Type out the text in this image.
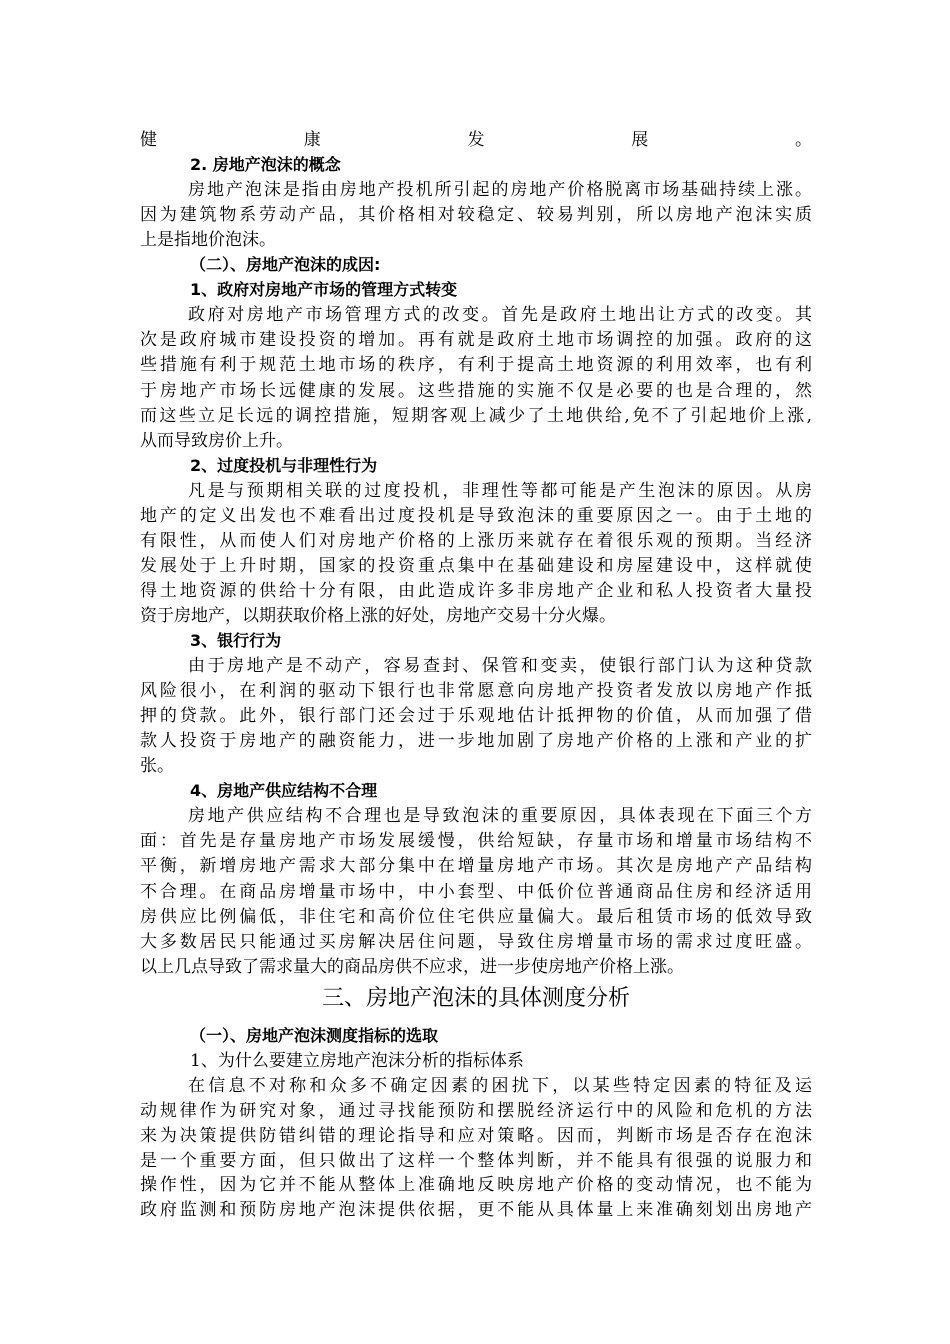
健康发展。
2. 房地产泡沫的概念
房地产泡沫是指由房地产投机所引起的房地产价格脱离市场基础持续上涨。
因为建筑物系劳动产品，其价格相对较稳定、较易判别，所以房地产泡沫实质
上是指地价泡沫。
（二）、房地产泡沫的成因:
1、政府对房地产市场的管理方式转变
政府对房地产市场管理方式的改变。首先是政府土地出让方式的改变。其
次是政府城市建设投资的增加。再有就是政府土地市场调控的加强。政府的这
些措施有利于规范土地市场的秩序，有利于提高土地资源的利用效率，也有利
于房地产市场长远健康的发展。这些措施的实施不仅是必要的也是合理的，然
而这些立足长远的调控措施，短期客观上减少了土地供给,免不了引起地价上涨,
从而导致房价上升。
2、过度投机与非理性行为
凡是与预期相关联的过度投机，非理性等都可能是产生泡沫的原因。从房
地产的定义出发也不难看出过度投机是导致泡沫的重要原因之一。由于土地的
有限性，从而使人们对房地产价格的上涨历来就存在着很乐观的预期。当经济
发展处于上升时期，国家的投资重点集中在基础建设和房屋建设中，这样就使
得土地资源的供给十分有限，由此造成许多非房地产企业和私人投资者大量投
资于房地产，以期获取价格上涨的好处，房地产交易十分火爆。
3、银行行为
由于房地产是不动产，容易查封、保管和变卖，使银行部门认为这种贷款
风险很小，在利润的驱动下银行也非常愿意向房地产投资者发放以房地产作抵
押的贷款。此外，银行部门还会过于乐观地估计抵押物的价值，从而加强了借
款人投资于房地产的融资能力，进一步地加剧了房地产价格的上涨和产业的扩
张。
4、房地产供应结构不合理
房地产供应结构不合理也是导致泡沫的重要原因，具体表现在下面三个方
面：首先是存量房地产市场发展缓慢，供给短缺，存量市场和增量市场结构不
平衡，新增房地产需求大部分集中在增量房地产市场。其次是房地产产品结构
不合理。在商品房增量市场中，中小套型、中低价位普通商品住房和经济适用
房供应比例偏低，非住宅和高价位住宅供应量偏大。最后租赁市场的低效导致
大多数居民只能通过买房解决居住问题，导致住房增量市场的需求过度旺盛。
以上几点导致了需求量大的商品房供不应求，进一步使房地产价格上涨。
三、房地产泡沫的具体测度分析
（一）、房地产泡沫测度指标的选取
1、为什么要建立房地产泡沫分析的指标体系
在信息不对称和众多不确定因素的困扰下，以某些特定因素的特征及运
动规律作为研究对象，通过寻找能预防和摆脱经济运行中的风险和危机的方法
来为决策提供防错纠错的理论指导和应对策略。因而，判断市场是否存在泡沫
是一个重要方面，但只做出了这样一个整体判断，并不能具有很强的说服力和
操作性，因为它并不能从整体上准确地反映房地产价格的变动情况，也不能为
政府监测和预防房地产泡沫提供依据，更不能从具体量上来准确刻划出房地产
